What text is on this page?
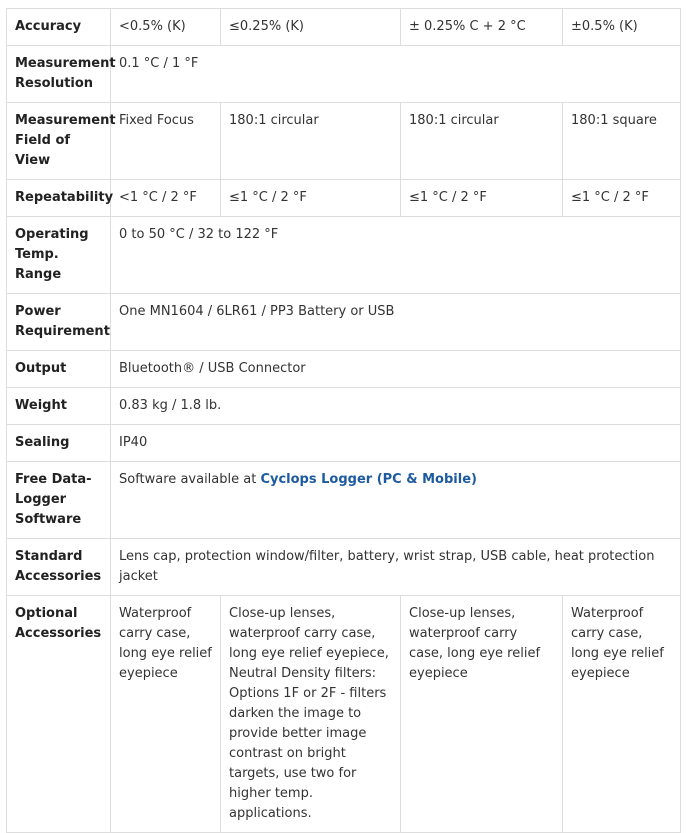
Accuracy	<0.5% (K)	≤0.25% (K)	± 0.25% C + 2 °C	±0.5% (K)
Measurement Resolution	0.1 °C / 1 °F			
Measurement Field of View	Fixed Focus	180:1 circular	180:1 circular	180:1 square
Repeatability	<1 °C / 2 °F	≤1 °C / 2 °F	≤1 °C / 2 °F	≤1 °C / 2 °F
Operating Temp. Range	0 to 50 °C / 32 to 122 °F			
Power Requirement	One MN1604 / 6LR61 / PP3 Battery or USB			
Output	Bluetooth® / USB Connector			
Weight	0.83 kg / 1.8 lb.			
Sealing	IP40			
Free Data-Logger Software	Software available at Cyclops Logger (PC & Mobile)			
Standard Accessories	Lens cap, protection window/filter, battery, wrist strap, USB cable, heat protection jacket			
Optional Accessories	Waterproof carry case, long eye relief eyepiece	Close-up lenses, waterproof carry case, long eye relief eyepiece, Neutral Density filters: Options 1F or 2F - filters darken the image to provide better image contrast on bright targets, use two for higher temp. applications.	Close-up lenses, waterproof carry case, long eye relief eyepiece	Waterproof carry case, long eye relief eyepiece
